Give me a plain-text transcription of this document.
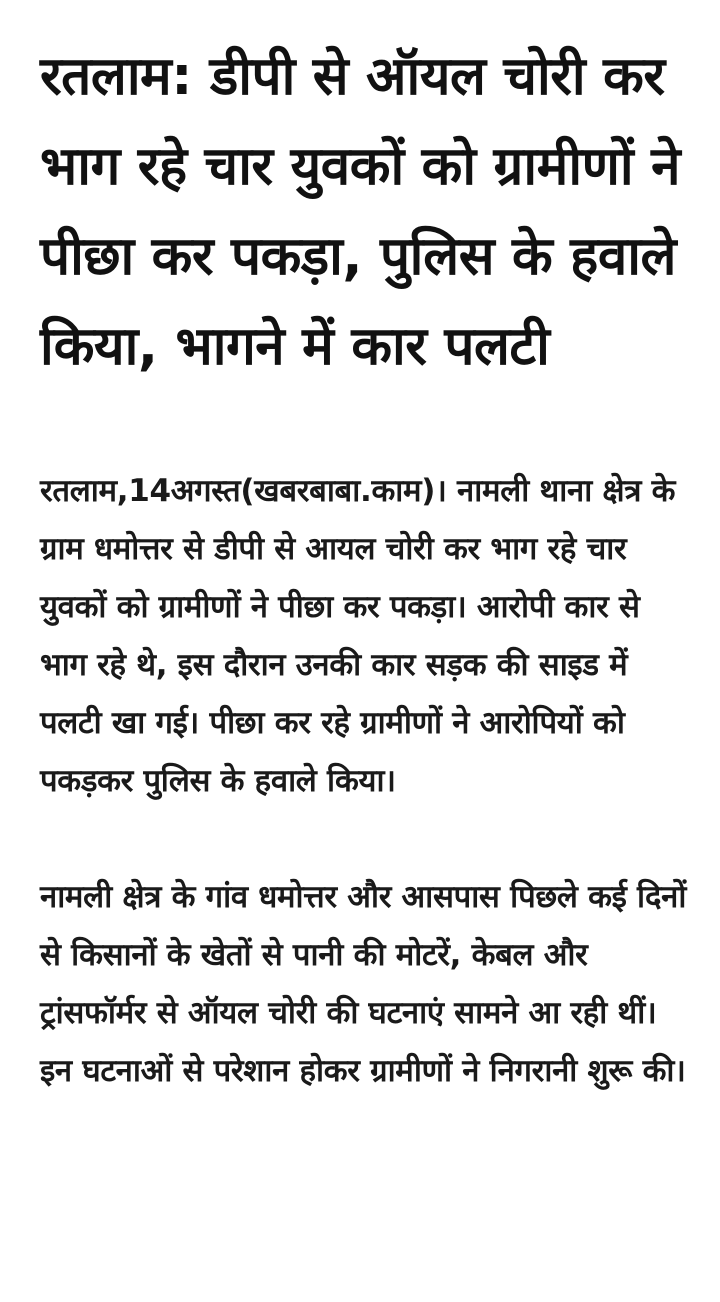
रतलाम: डीपी से ऑयल चोरी कर भाग रहे चार युवकों को ग्रामीणों ने पीछा कर पकड़ा, पुलिस के हवाले किया, भागने में कार पलटी

रतलाम,14अगस्त(खबरबाबा.काम)। नामली थाना क्षेत्र के ग्राम धमोत्तर से डीपी से आयल चोरी कर भाग रहे चार युवकों को ग्रामीणों ने पीछा कर पकड़ा। आरोपी कार से भाग रहे थे, इस दौरान उनकी कार सड़क की साइड में पलटी खा गई। पीछा कर रहे ग्रामीणों ने आरोपियों को पकड़कर पुलिस के हवाले किया।

नामली क्षेत्र के गांव धमोत्तर और आसपास पिछले कई दिनों से किसानों के खेतों से पानी की मोटरें, केबल और ट्रांसफॉर्मर से ऑयल चोरी की घटनाएं सामने आ रही थीं। इन घटनाओं से परेशान होकर ग्रामीणों ने निगरानी शुरू की।
